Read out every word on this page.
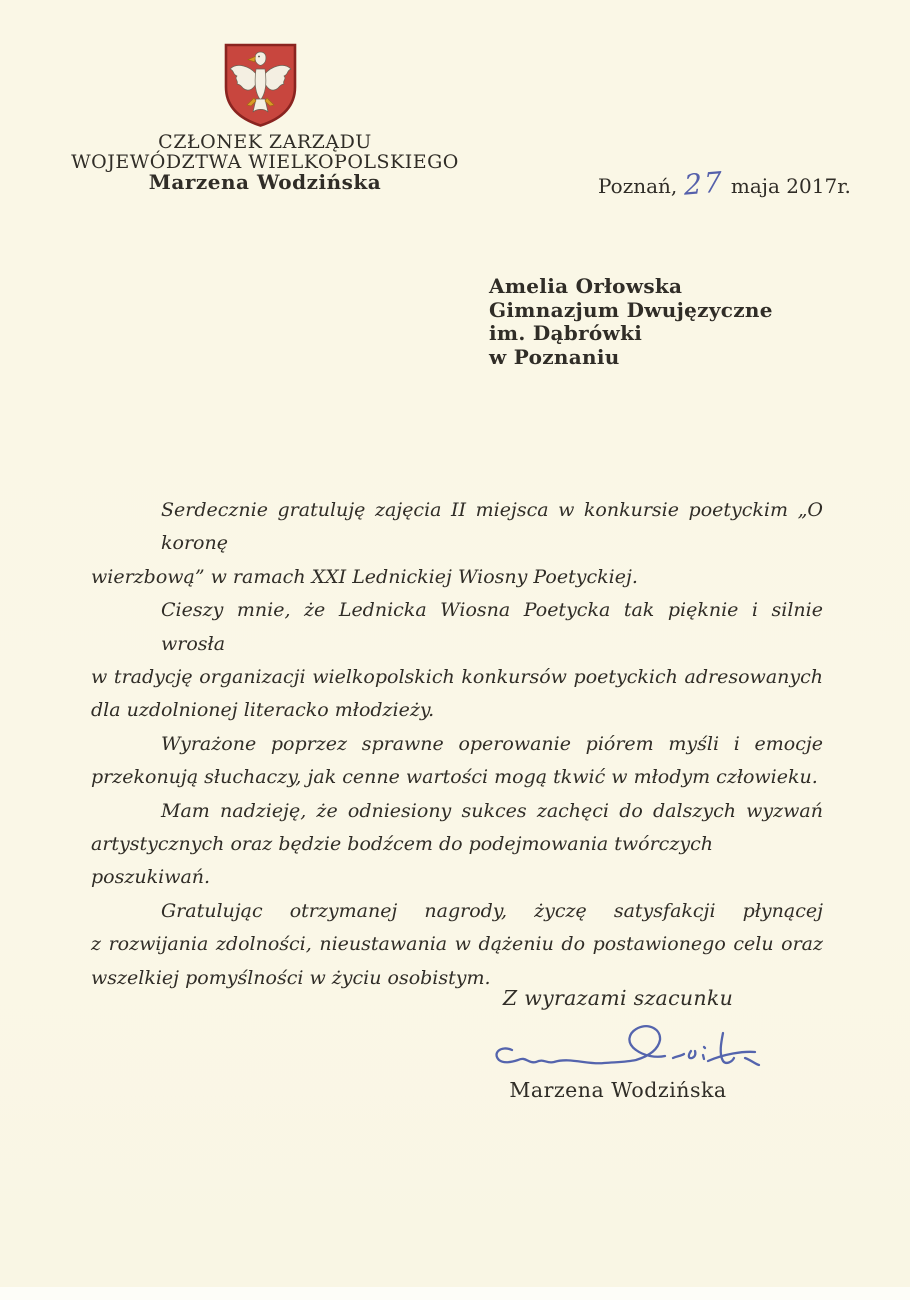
CZŁONEK ZARZĄDU
WOJEWÓDZTWA WIELKOPOLSKIEGO
Marzena Wodzińska	Poznań, 27 maja 2017r.
Amelia Orłowska
Gimnazjum Dwujęzyczne
im. Dąbrówki
w Poznaniu
Serdecznie gratuluję zajęcia II miejsca w konkursie poetyckim „O koronę
wierzbową” w ramach XXI Lednickiej Wiosny Poetyckiej.
Cieszy mnie, że Lednicka Wiosna Poetycka tak pięknie i silnie wrosła
w tradycję organizacji wielkopolskich konkursów poetyckich adresowanych
dla uzdolnionej literacko młodzieży.
Wyrażone poprzez sprawne operowanie piórem myśli i emocje
przekonują słuchaczy, jak cenne wartości mogą tkwić w młodym człowieku.
Mam nadzieję, że odniesiony sukces zachęci do dalszych wyzwań
artystycznych oraz będzie bodźcem do podejmowania twórczych poszukiwań.
Gratulując otrzymanej nagrody, życzę satysfakcji płynącej
z rozwijania zdolności, nieustawania w dążeniu do postawionego celu oraz
wszelkiej pomyślności w życiu osobistym.
Z wyrazami szacunku
Marzena Wodzińska
